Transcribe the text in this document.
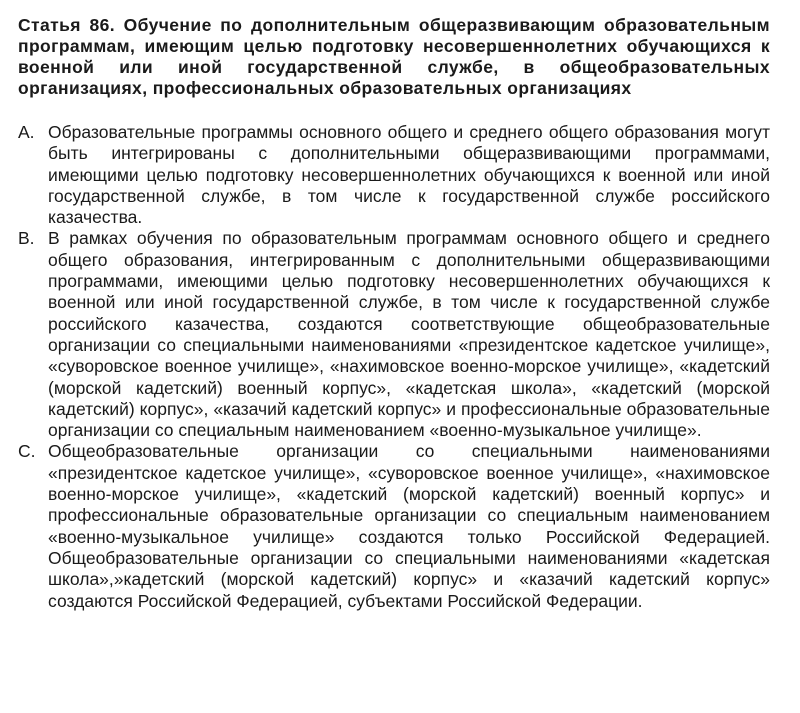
Статья 86. Обучение по дополнительным общеразвивающим образовательным программам, имеющим целью подготовку несовершеннолетних обучающихся к военной или иной государственной службе, в общеобразовательных организациях, профессиональных образовательных организациях
A. Образовательные программы основного общего и среднего общего образования могут быть интегрированы с дополнительными общеразвивающими программами, имеющими целью подготовку несовершеннолетних обучающихся к военной или иной государственной службе, в том числе к государственной службе российского казачества.
B. В рамках обучения по образовательным программам основного общего и среднего общего образования, интегрированным с дополнительными общеразвивающими программами, имеющими целью подготовку несовершеннолетних обучающихся к военной или иной государственной службе, в том числе к государственной службе российского казачества, создаются соответствующие общеобразовательные организации со специальными наименованиями «президентское кадетское училище», «суворовское военное училище», «нахимовское военно-морское училище», «кадетский (морской кадетский) военный корпус», «кадетская школа», «кадетский (морской кадетский) корпус», «казачий кадетский корпус» и профессиональные образовательные организации со специальным наименованием «военно-музыкальное училище».
C. Общеобразовательные организации со специальными наименованиями «президентское кадетское училище», «суворовское военное училище», «нахимовское военно-морское училище», «кадетский (морской кадетский) военный корпус» и профессиональные образовательные организации со специальным наименованием «военно-музыкальное училище» создаются только Российской Федерацией. Общеобразовательные организации со специальными наименованиями «кадетская школа»,»кадетский (морской кадетский) корпус» и «казачий кадетский корпус» создаются Российской Федерацией, субъектами Российской Федерации.
